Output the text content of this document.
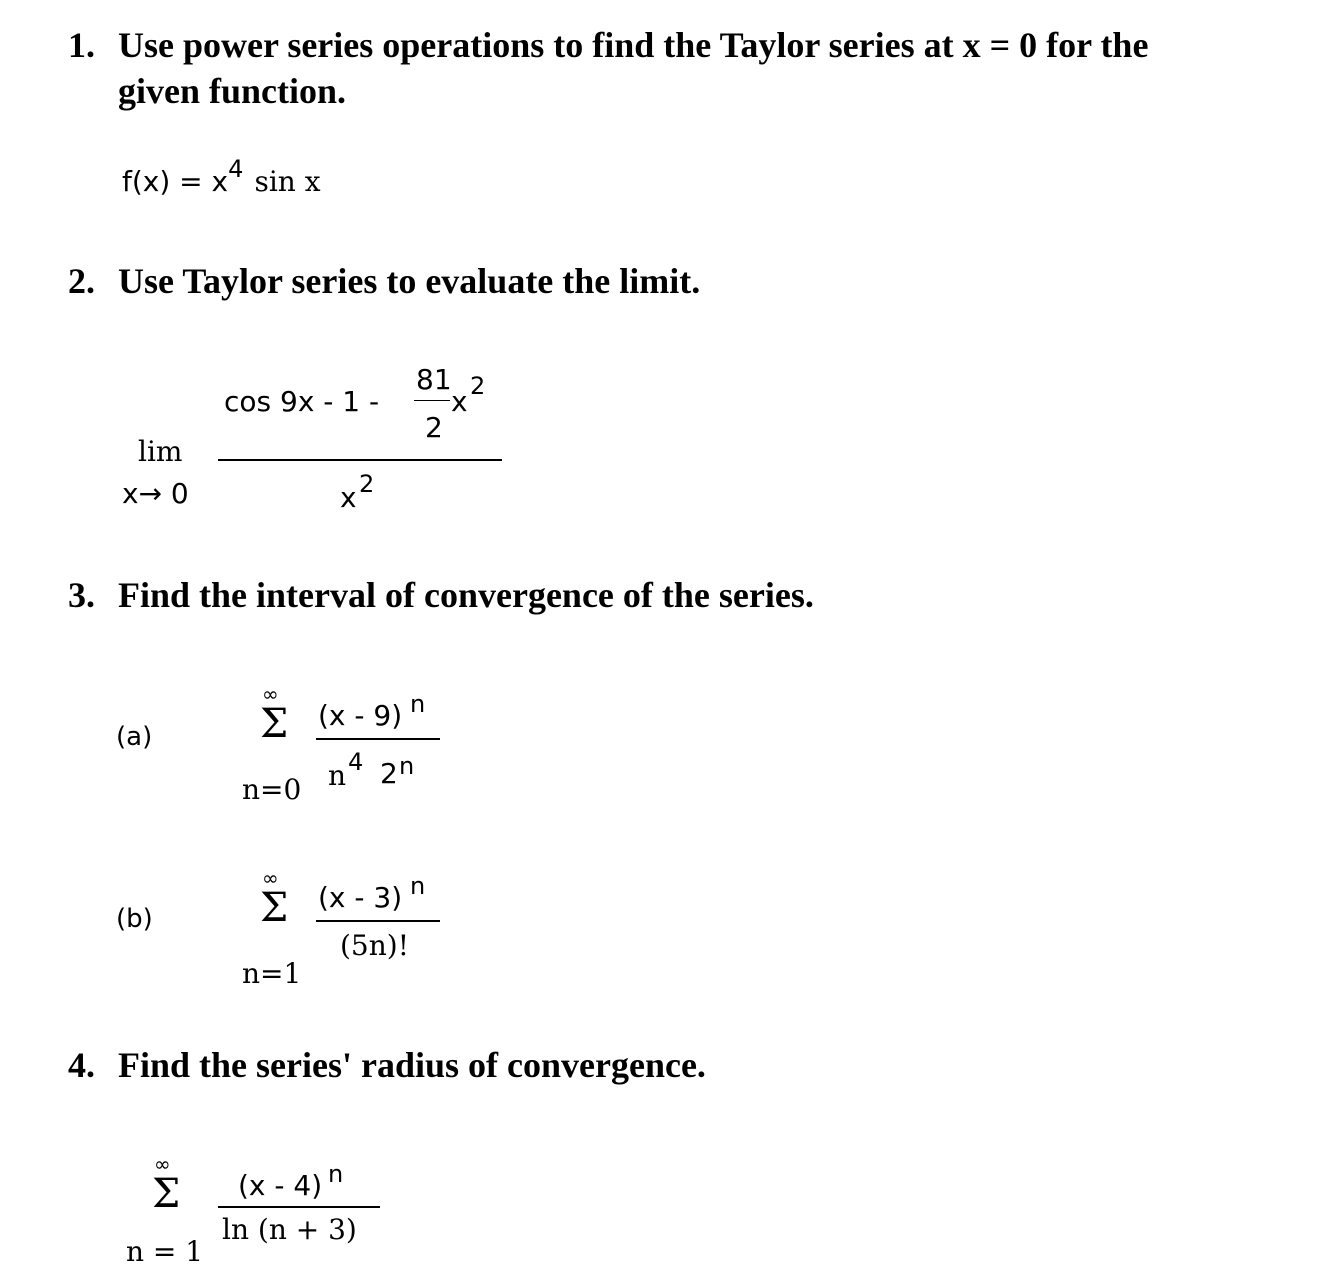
1. Use power series operations to find the Taylor series at x = 0 for the
given function.
f(x) = x4 sin x
2. Use Taylor series to evaluate the limit.
cos 9x - 1 -
81
2
x 2
x 2
lim
x→ 0
3. Find the interval of convergence of the series.
(a)
∞
Σ
n=0
(x - 9) n
n 4 2 n
(b)
∞
Σ
n=1
(x - 3) n
(5n)!
4. Find the series' radius of convergence.
∞
Σ
n = 1
(x - 4) n
ln (n + 3)
